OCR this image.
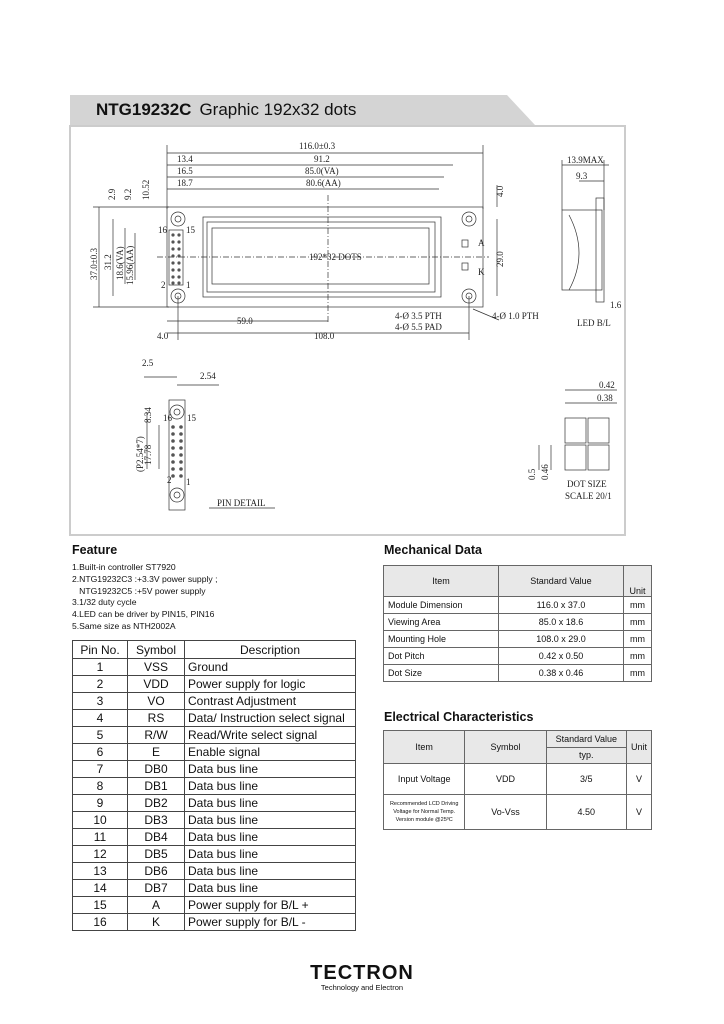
NTG19232C Graphic 192x32 dots
116.0±0.3
13.4	91.2
16.5	85.0(VA)
18.7	80.6(AA)
2.9 9.2 10.52
37.0±0.3 31.2 18.6(VA) 15.96(AA)
4.0
29.0
4.0
59.0
108.0
192*32 DOTS
16 15
2 1
A
K
4-Ø 3.5 PTH
4-Ø 5.5 PAD
4-Ø 1.0 PTH
13.9MAX
9.3
1.6
LED B/L
2.5
2.54
8.34
17.78
(P2.54*7)
16 15
2 1
PIN DETAIL
0.42
0.38
0.5 0.46
DOT SIZE
SCALE 20/1
Feature
1.Built-in controller ST7920
2.NTG19232C3 :+3.3V power supply ;
NTG19232C5 :+5V power supply
3.1/32 duty cycle
4.LED can be driver by PIN15, PIN16
5.Same size as NTH2002A
Pin No.	Symbol	Description
1	VSS	Ground
2	VDD	Power supply for logic
3	VO	Contrast Adjustment
4	RS	Data/ Instruction select signal
5	R/W	Read/Write select signal
6	E	Enable signal
7	DB0	Data bus line
8	DB1	Data bus line
9	DB2	Data bus line
10	DB3	Data bus line
11	DB4	Data bus line
12	DB5	Data bus line
13	DB6	Data bus line
14	DB7	Data bus line
15	A	Power supply for B/L +
16	K	Power supply for B/L -
Mechanical Data
Item	Standard Value	Unit
Module Dimension	116.0 x 37.0	mm
Viewing Area	85.0 x 18.6	mm
Mounting Hole	108.0 x 29.0	mm
Dot Pitch	0.42 x 0.50	mm
Dot Size	0.38 x 0.46	mm
Electrical Characteristics
Item	Symbol	Standard Value	Unit
		typ.	
Input Voltage	VDD	3/5	V

Recommended LCD Driving
Voltage for Normal Temp.
Version module @25ºC	Vo-Vss	4.50	V
TECTRON
Technology and Electron
